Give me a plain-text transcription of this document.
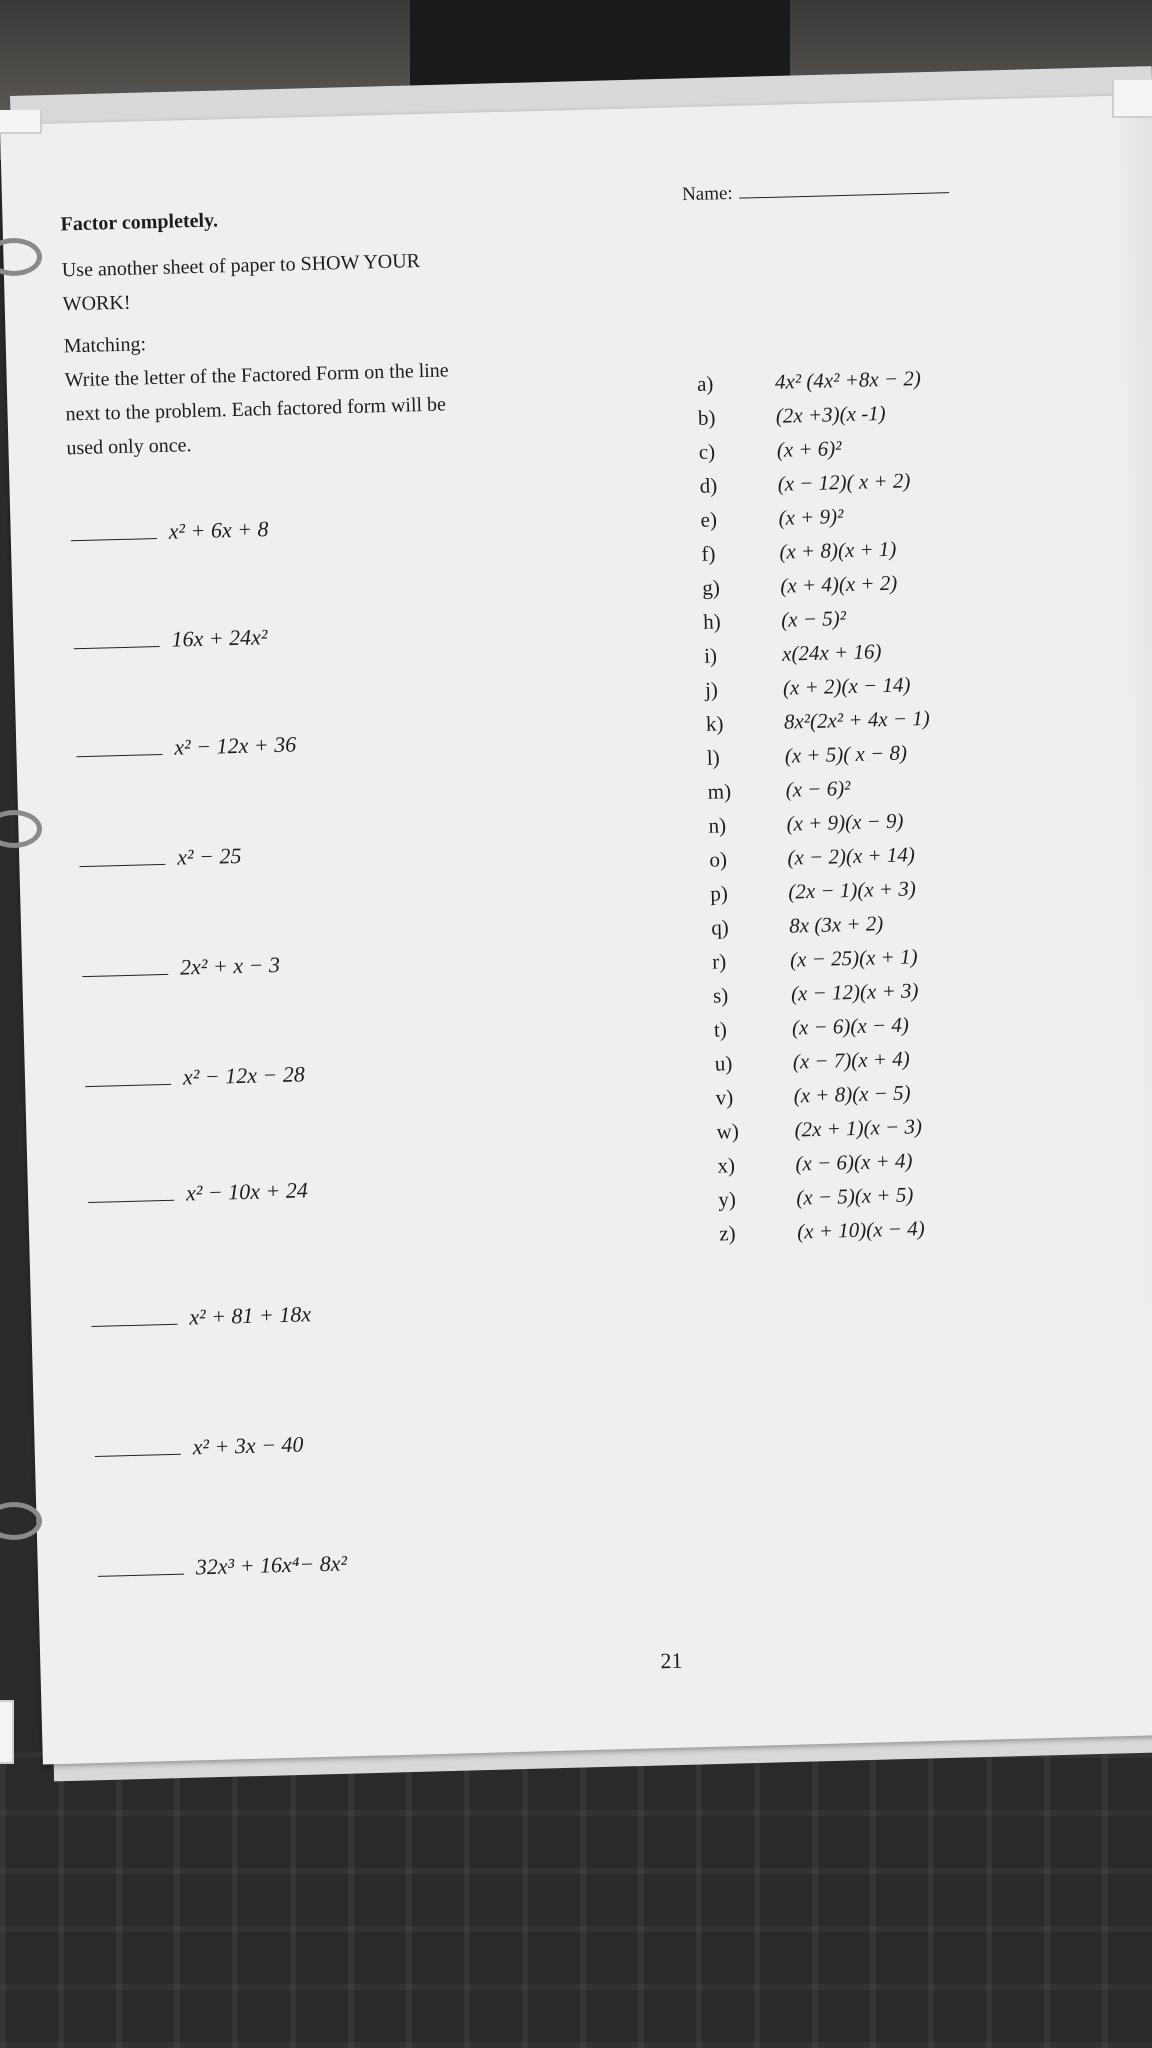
Factor completely.
Name:
Use another sheet of paper to SHOW YOUR
WORK!
Matching:
Write the letter of the Factored Form on the line
next to the problem. Each factored form will be
used only once.
x² + 6x + 8
16x + 24x²
x² − 12x + 36
x² − 25
2x² + x − 3
x² − 12x − 28
x² − 10x + 24
x² + 81 + 18x
x² + 3x − 40
32x³ + 16x⁴− 8x²
a)	4x² (4x² +8x − 2)
b)	(2x +3)(x -1)
c)	(x + 6)²
d)	(x − 12)( x + 2)
e)	(x + 9)²
f)	(x + 8)(x + 1)
g)	(x + 4)(x + 2)
h)	(x − 5)²
i)	x(24x + 16)
j)	(x + 2)(x − 14)
k)	8x²(2x² + 4x − 1)
l)	(x + 5)( x − 8)
m)	(x − 6)²
n)	(x + 9)(x − 9)
o)	(x − 2)(x + 14)
p)	(2x − 1)(x + 3)
q)	8x (3x + 2)
r)	(x − 25)(x + 1)
s)	(x − 12)(x + 3)
t)	(x − 6)(x − 4)
u)	(x − 7)(x + 4)
v)	(x + 8)(x − 5)
w)	(2x + 1)(x − 3)
x)	(x − 6)(x + 4)
y)	(x − 5)(x + 5)
z)	(x + 10)(x − 4)
21
